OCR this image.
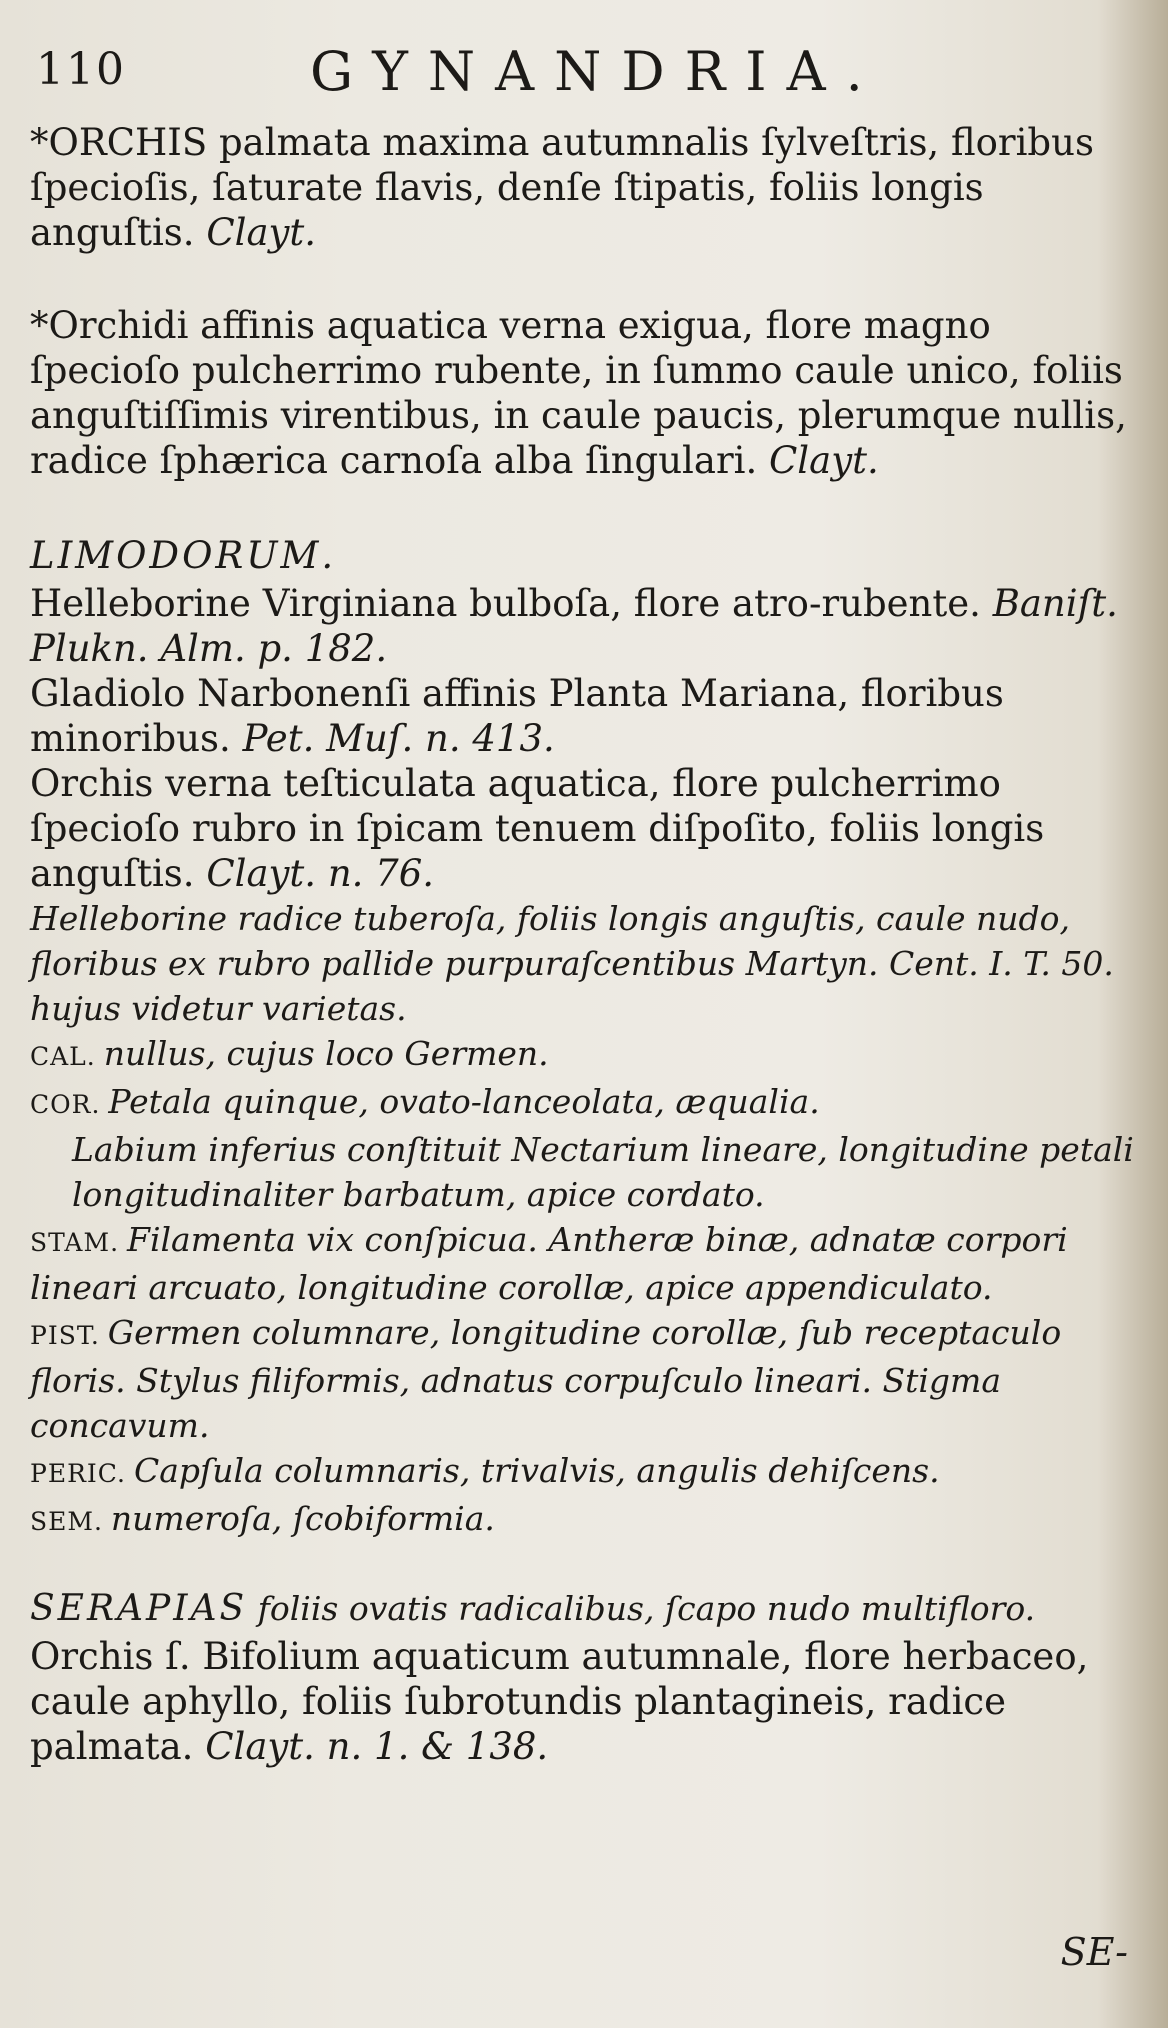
110	GYNANDRIA.

*ORCHIS palmata maxima autumnalis ſylveſtris, floribus ſpecioſis, ſaturate flavis, denſe ſtipatis, foliis longis anguſtis. Clayt.

*Orchidi affinis aquatica verna exigua, flore magno ſpecioſo pulcherrimo rubente, in ſummo caule unico, foliis anguſtiſſimis virentibus, in caule paucis, plerumque nullis, radice ſphærica carnoſa alba ſingulari. Clayt.

LIMODORUM.

Helleborine Virginiana bulboſa, flore atro-rubente. Baniſt. Plukn. Alm. p. 182.

Gladiolo Narbonenſi affinis Planta Mariana, floribus minoribus. Pet. Muſ. n. 413.

Orchis verna teſticulata aquatica, flore pulcherrimo ſpecioſo rubro in ſpicam tenuem diſpoſito, foliis longis anguſtis. Clayt. n. 76.

Helleborine radice tuberoſa, foliis longis anguſtis, caule nudo, floribus ex rubro pallide purpuraſcentibus Martyn. Cent. I. T. 50. hujus videtur varietas.

CAL. nullus, cujus loco Germen.

COR. Petala quinque, ovato-lanceolata, æqualia.

Labium inferius conſtituit Nectarium lineare, longitudine petali longitudinaliter barbatum, apice cordato.

STAM. Filamenta vix conſpicua. Antheræ binæ, adnatæ corpori lineari arcuato, longitudine corollæ, apice appendiculato.

PIST. Germen columnare, longitudine corollæ, ſub receptaculo floris. Stylus filiformis, adnatus corpuſculo lineari. Stigma concavum.

PERIC. Capſula columnaris, trivalvis, angulis dehiſcens.

SEM. numeroſa, ſcobiformia.

SERAPIAS foliis ovatis radicalibus, ſcapo nudo multifloro.

Orchis ſ. Bifolium aquaticum autumnale, flore herbaceo, caule aphyllo, foliis ſubrotundis plantagineis, radice palmata. Clayt. n. 1. & 138.

SE-
